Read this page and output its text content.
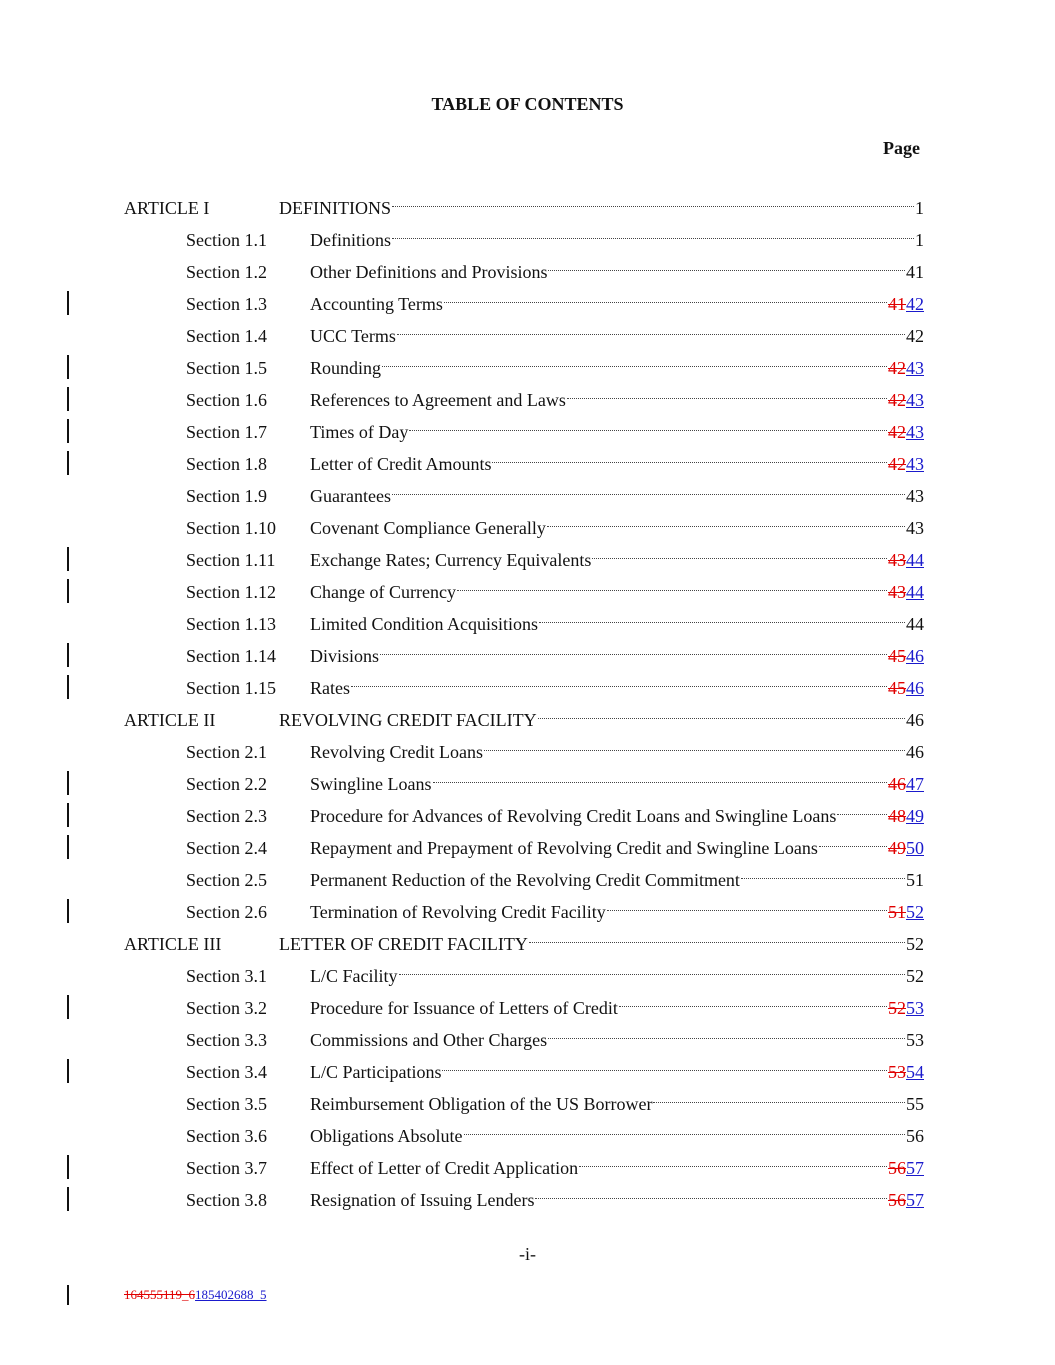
TABLE OF CONTENTS
Page
ARTICLE I	DEFINITIONS	1
Section 1.1 Definitions	1
Section 1.2 Other Definitions and Provisions	41
Section 1.3 Accounting Terms	4142
Section 1.4 UCC Terms	42
Section 1.5 Rounding	4243
Section 1.6 References to Agreement and Laws	4243
Section 1.7 Times of Day	4243
Section 1.8 Letter of Credit Amounts	4243
Section 1.9 Guarantees	43
Section 1.10 Covenant Compliance Generally	43
Section 1.11 Exchange Rates; Currency Equivalents	4344
Section 1.12 Change of Currency	4344
Section 1.13 Limited Condition Acquisitions	44
Section 1.14 Divisions	4546
Section 1.15 Rates	4546
ARTICLE II	REVOLVING CREDIT FACILITY	46
Section 2.1 Revolving Credit Loans	46
Section 2.2 Swingline Loans	4647
Section 2.3 Procedure for Advances of Revolving Credit Loans and Swingline Loans	4849
Section 2.4 Repayment and Prepayment of Revolving Credit and Swingline Loans	4950
Section 2.5 Permanent Reduction of the Revolving Credit Commitment	51
Section 2.6 Termination of Revolving Credit Facility	5152
ARTICLE III	LETTER OF CREDIT FACILITY	52
Section 3.1 L/C Facility	52
Section 3.2 Procedure for Issuance of Letters of Credit	5253
Section 3.3 Commissions and Other Charges	53
Section 3.4 L/C Participations	5354
Section 3.5 Reimbursement Obligation of the US Borrower	55
Section 3.6 Obligations Absolute	56
Section 3.7 Effect of Letter of Credit Application	5657
Section 3.8 Resignation of Issuing Lenders	5657
-i-
164555119_6185402688_5
